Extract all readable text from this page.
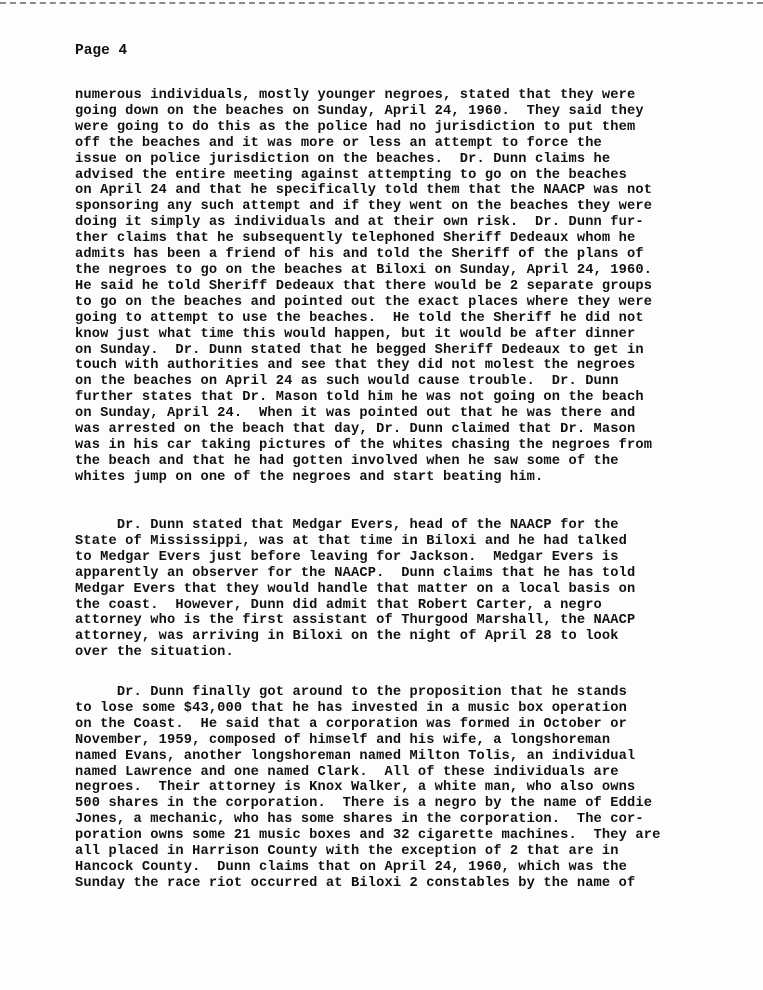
Page 4
numerous individuals, mostly younger negroes, stated that they were
going down on the beaches on Sunday, April 24, 1960.  They said they
were going to do this as the police had no jurisdiction to put them
off the beaches and it was more or less an attempt to force the
issue on police jurisdiction on the beaches.  Dr. Dunn claims he
advised the entire meeting against attempting to go on the beaches
on April 24 and that he specifically told them that the NAACP was not
sponsoring any such attempt and if they went on the beaches they were
doing it simply as individuals and at their own risk.  Dr. Dunn fur-
ther claims that he subsequently telephoned Sheriff Dedeaux whom he
admits has been a friend of his and told the Sheriff of the plans of
the negroes to go on the beaches at Biloxi on Sunday, April 24, 1960.
He said he told Sheriff Dedeaux that there would be 2 separate groups
to go on the beaches and pointed out the exact places where they were
going to attempt to use the beaches.  He told the Sheriff he did not
know just what time this would happen, but it would be after dinner
on Sunday.  Dr. Dunn stated that he begged Sheriff Dedeaux to get in
touch with authorities and see that they did not molest the negroes
on the beaches on April 24 as such would cause trouble.  Dr. Dunn
further states that Dr. Mason told him he was not going on the beach
on Sunday, April 24.  When it was pointed out that he was there and
was arrested on the beach that day, Dr. Dunn claimed that Dr. Mason
was in his car taking pictures of the whites chasing the negroes from
the beach and that he had gotten involved when he saw some of the
whites jump on one of the negroes and start beating him.
Dr. Dunn stated that Medgar Evers, head of the NAACP for the
State of Mississippi, was at that time in Biloxi and he had talked
to Medgar Evers just before leaving for Jackson.  Medgar Evers is
apparently an observer for the NAACP.  Dunn claims that he has told
Medgar Evers that they would handle that matter on a local basis on
the coast.  However, Dunn did admit that Robert Carter, a negro
attorney who is the first assistant of Thurgood Marshall, the NAACP
attorney, was arriving in Biloxi on the night of April 28 to look
over the situation.
Dr. Dunn finally got around to the proposition that he stands
to lose some $43,000 that he has invested in a music box operation
on the Coast.  He said that a corporation was formed in October or
November, 1959, composed of himself and his wife, a longshoreman
named Evans, another longshoreman named Milton Tolis, an individual
named Lawrence and one named Clark.  All of these individuals are
negroes.  Their attorney is Knox Walker, a white man, who also owns
500 shares in the corporation.  There is a negro by the name of Eddie
Jones, a mechanic, who has some shares in the corporation.  The cor-
poration owns some 21 music boxes and 32 cigarette machines.  They are
all placed in Harrison County with the exception of 2 that are in
Hancock County.  Dunn claims that on April 24, 1960, which was the
Sunday the race riot occurred at Biloxi 2 constables by the name of
